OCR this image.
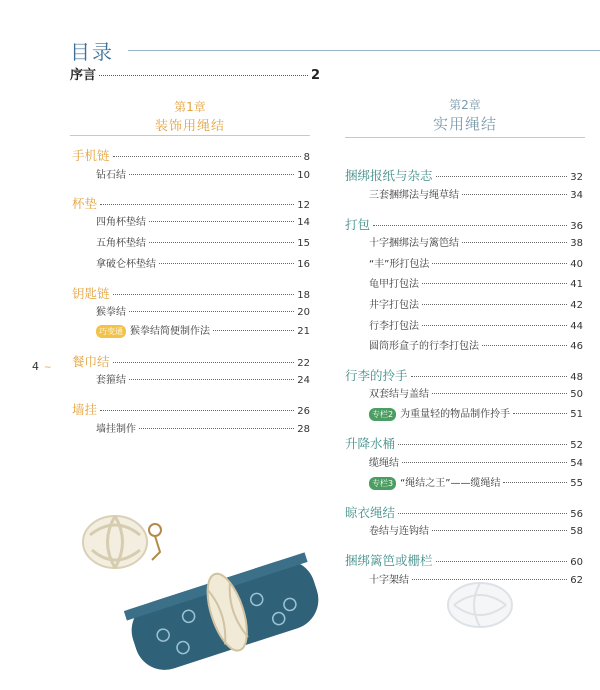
目录
序言	2
第1章
装饰用绳结
第2章
实用绳结
手机链	8
钻石结	10
杯垫	12
四角杯垫结	14
五角杯垫结	15
拿破仑杯垫结	16
钥匙链	18
猴拳结	20
巧变通 猴拳结简便制作法	21
餐巾结	22
套箍结	24
墙挂	26
墙挂制作	28
捆绑报纸与杂志	32
三套捆绑法与绳草结	34
打包	36
十字捆绑法与篱笆结	38
“丰”形打包法	40
龟甲打包法	41
井字打包法	42
行李打包法	44
圆筒形盒子的行李打包法	46
行李的拎手	48
双套结与盖结	50
专栏2 为重量轻的物品制作拎手	51
升降水桶	52
缆绳结	54
专栏3 “绳结之王”——缆绳结	55
晾衣绳结	56
卷结与连钩结	58
捆绑篱笆或栅栏	60
十字架结	62
4 ~
